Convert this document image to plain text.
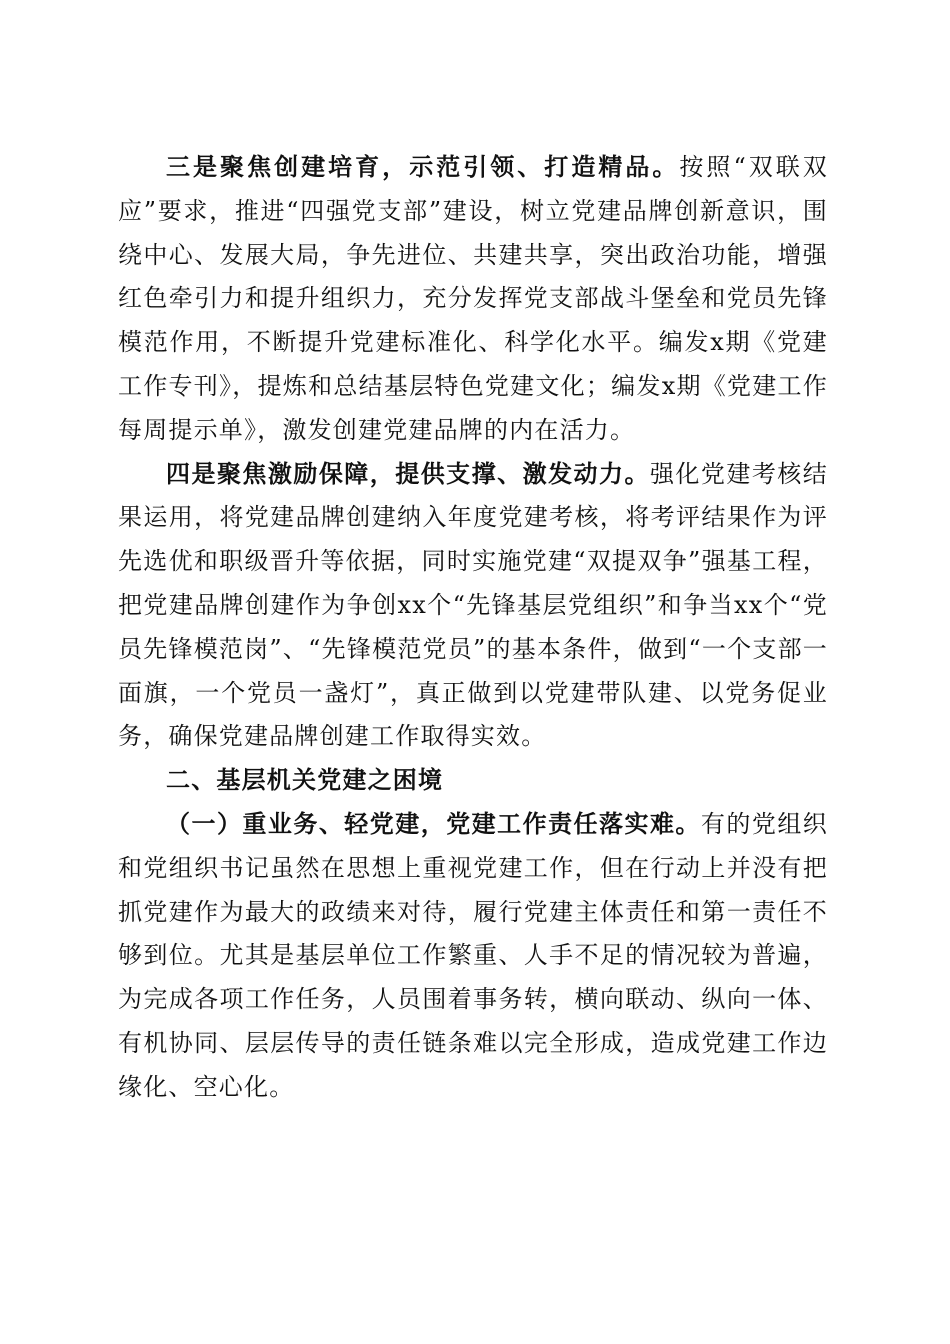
三是聚焦创建培育，示范引领、打造精品。按照“双联双应”要求，推进“四强党支部”建设，树立党建品牌创新意识，围绕中心、发展大局，争先进位、共建共享，突出政治功能，增强红色牵引力和提升组织力，充分发挥党支部战斗堡垒和党员先锋模范作用，不断提升党建标准化、科学化水平。编发x期《党建工作专刊》，提炼和总结基层特色党建文化；编发x期《党建工作每周提示单》，激发创建党建品牌的内在活力。

四是聚焦激励保障，提供支撑、激发动力。强化党建考核结果运用，将党建品牌创建纳入年度党建考核，将考评结果作为评先选优和职级晋升等依据，同时实施党建“双提双争”强基工程，把党建品牌创建作为争创xx个“先锋基层党组织”和争当xx个“党员先锋模范岗”、“先锋模范党员”的基本条件，做到“一个支部一面旗，一个党员一盏灯”，真正做到以党建带队建、以党务促业务，确保党建品牌创建工作取得实效。

二、基层机关党建之困境

（一）重业务、轻党建，党建工作责任落实难。有的党组织和党组织书记虽然在思想上重视党建工作，但在行动上并没有把抓党建作为最大的政绩来对待，履行党建主体责任和第一责任不够到位。尤其是基层单位工作繁重、人手不足的情况较为普遍，为完成各项工作任务，人员围着事务转，横向联动、纵向一体、有机协同、层层传导的责任链条难以完全形成，造成党建工作边缘化、空心化。
